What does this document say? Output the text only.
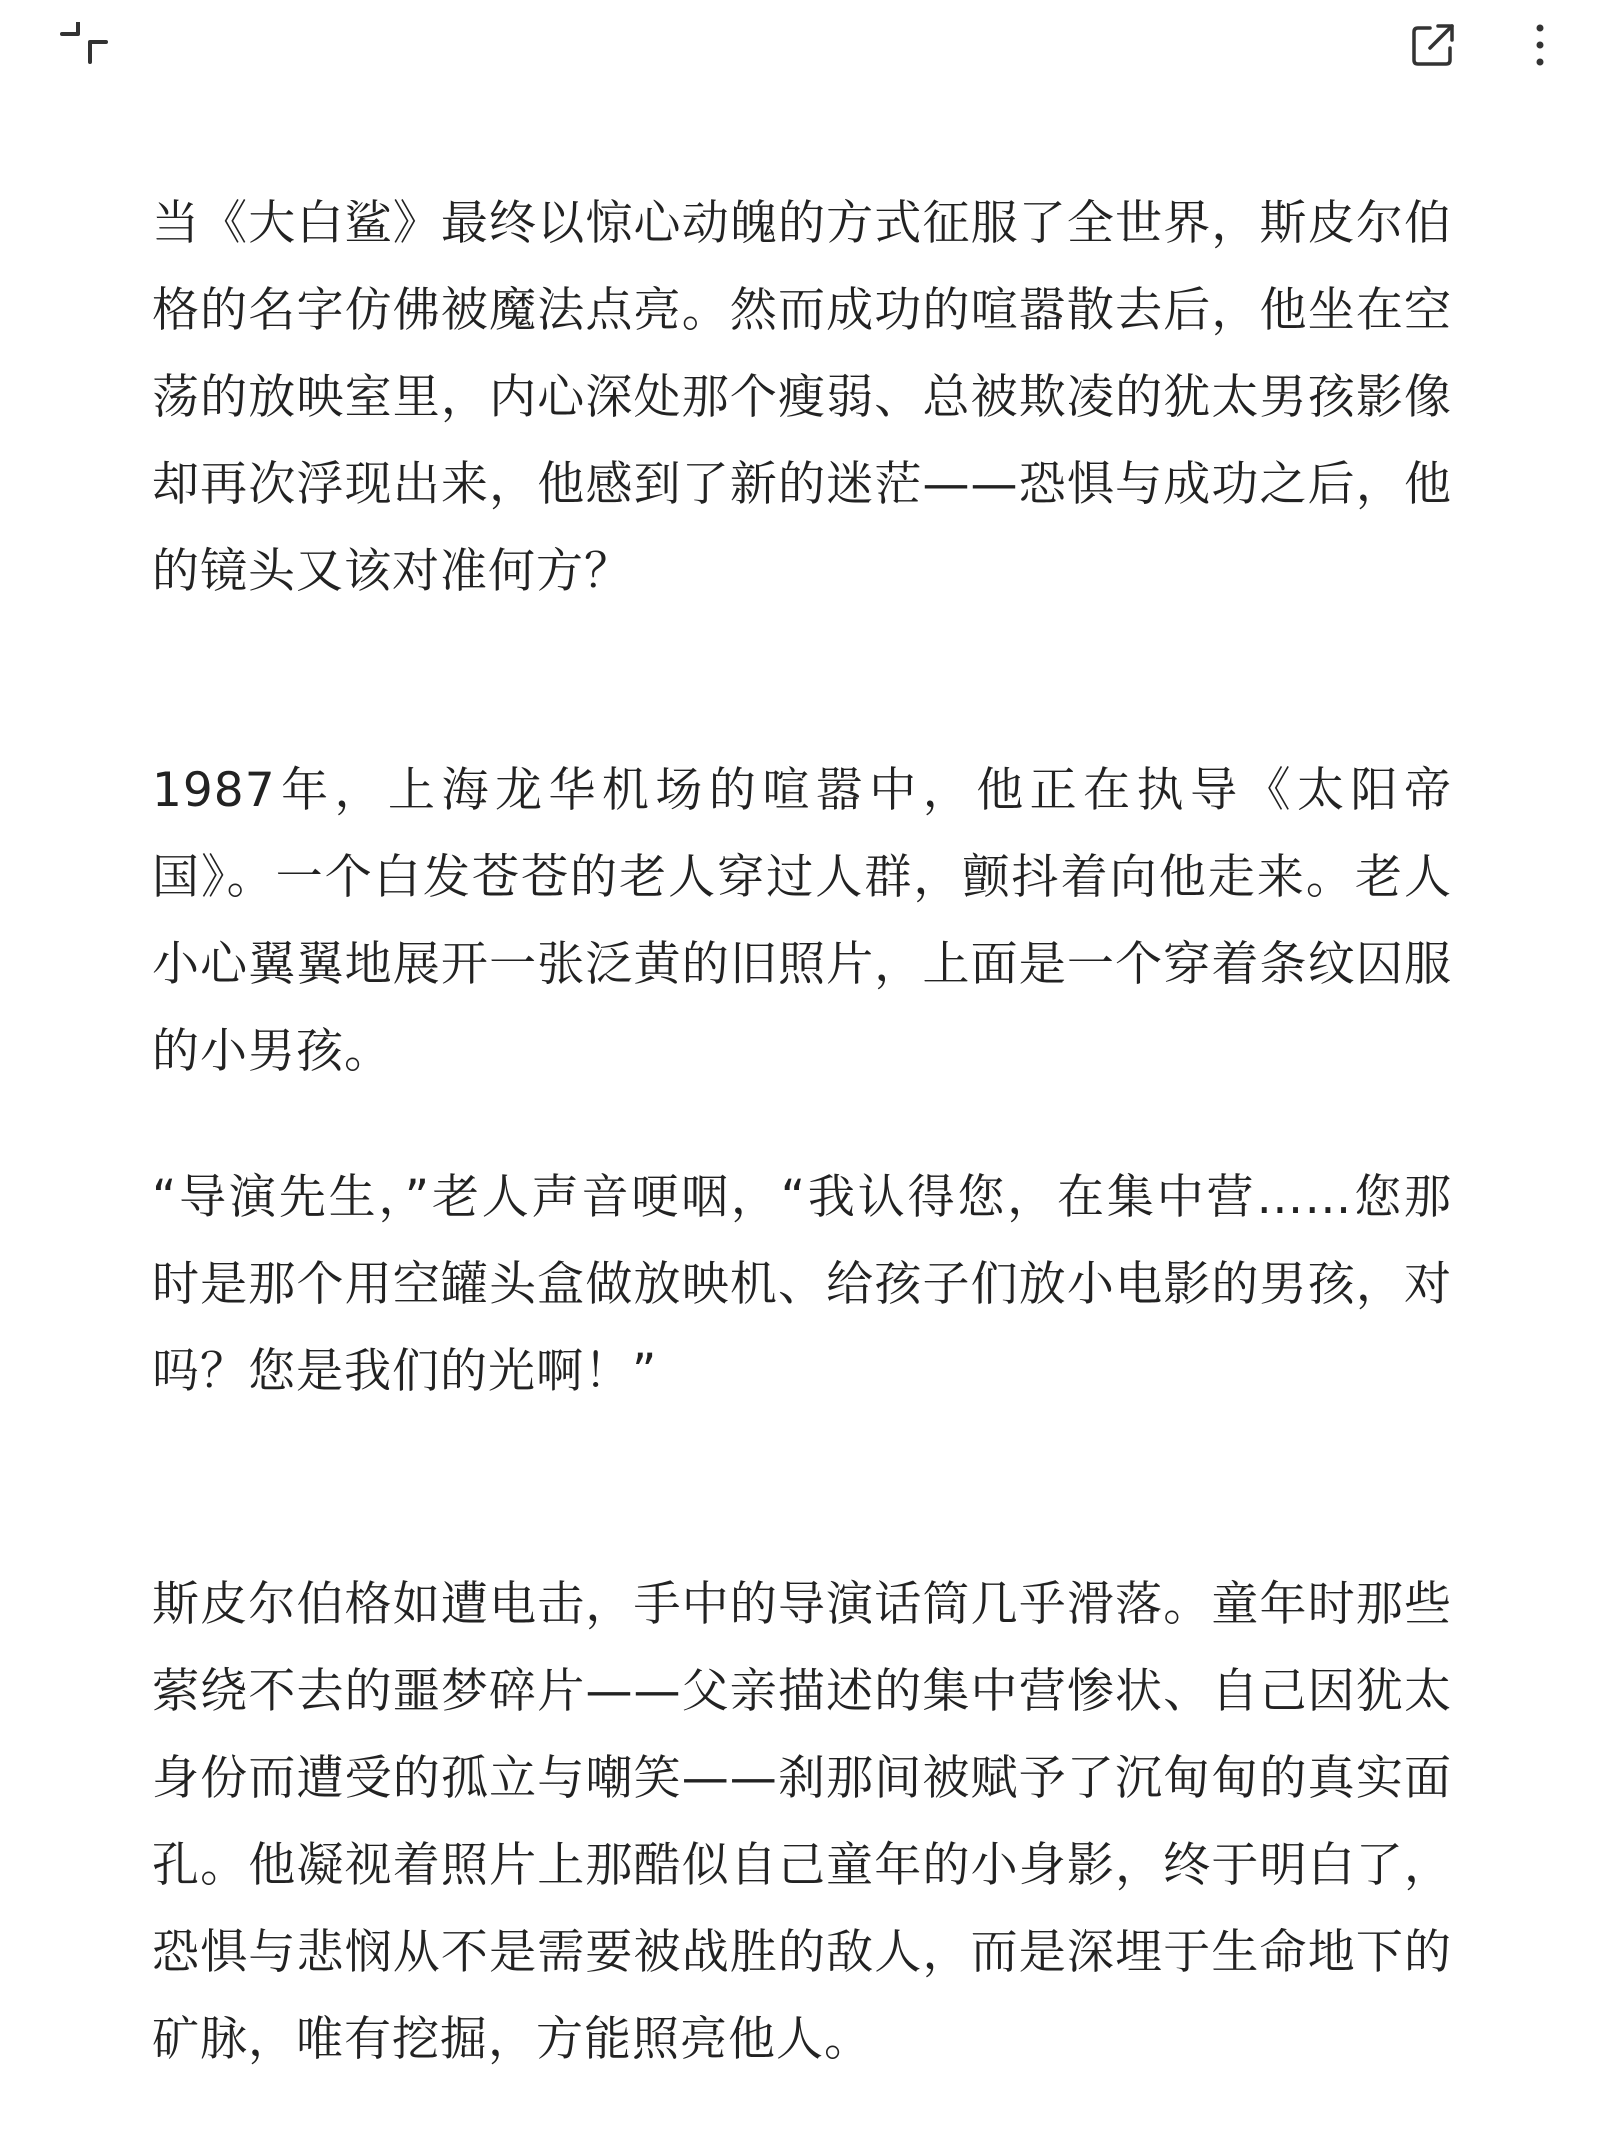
当《大白鲨》最终以惊心动魄的方式征服了全世界，斯皮尔伯格的名字仿佛被魔法点亮。然而成功的喧嚣散去后，他坐在空荡的放映室里，内心深处那个瘦弱、总被欺凌的犹太男孩影像却再次浮现出来，他感到了新的迷茫——恐惧与成功之后，他的镜头又该对准何方？

1987年，上海龙华机场的喧嚣中，他正在执导《太阳帝国》。一个白发苍苍的老人穿过人群，颤抖着向他走来。老人小心翼翼地展开一张泛黄的旧照片，上面是一个穿着条纹囚服的小男孩。

“导演先生，”老人声音哽咽，“我认得您，在集中营……您那时是那个用空罐头盒做放映机、给孩子们放小电影的男孩，对吗？您是我们的光啊！”

斯皮尔伯格如遭电击，手中的导演话筒几乎滑落。童年时那些萦绕不去的噩梦碎片——父亲描述的集中营惨状、自己因犹太身份而遭受的孤立与嘲笑——刹那间被赋予了沉甸甸的真实面孔。他凝视着照片上那酷似自己童年的小身影，终于明白了，恐惧与悲悯从不是需要被战胜的敌人，而是深埋于生命地下的矿脉，唯有挖掘，方能照亮他人。
